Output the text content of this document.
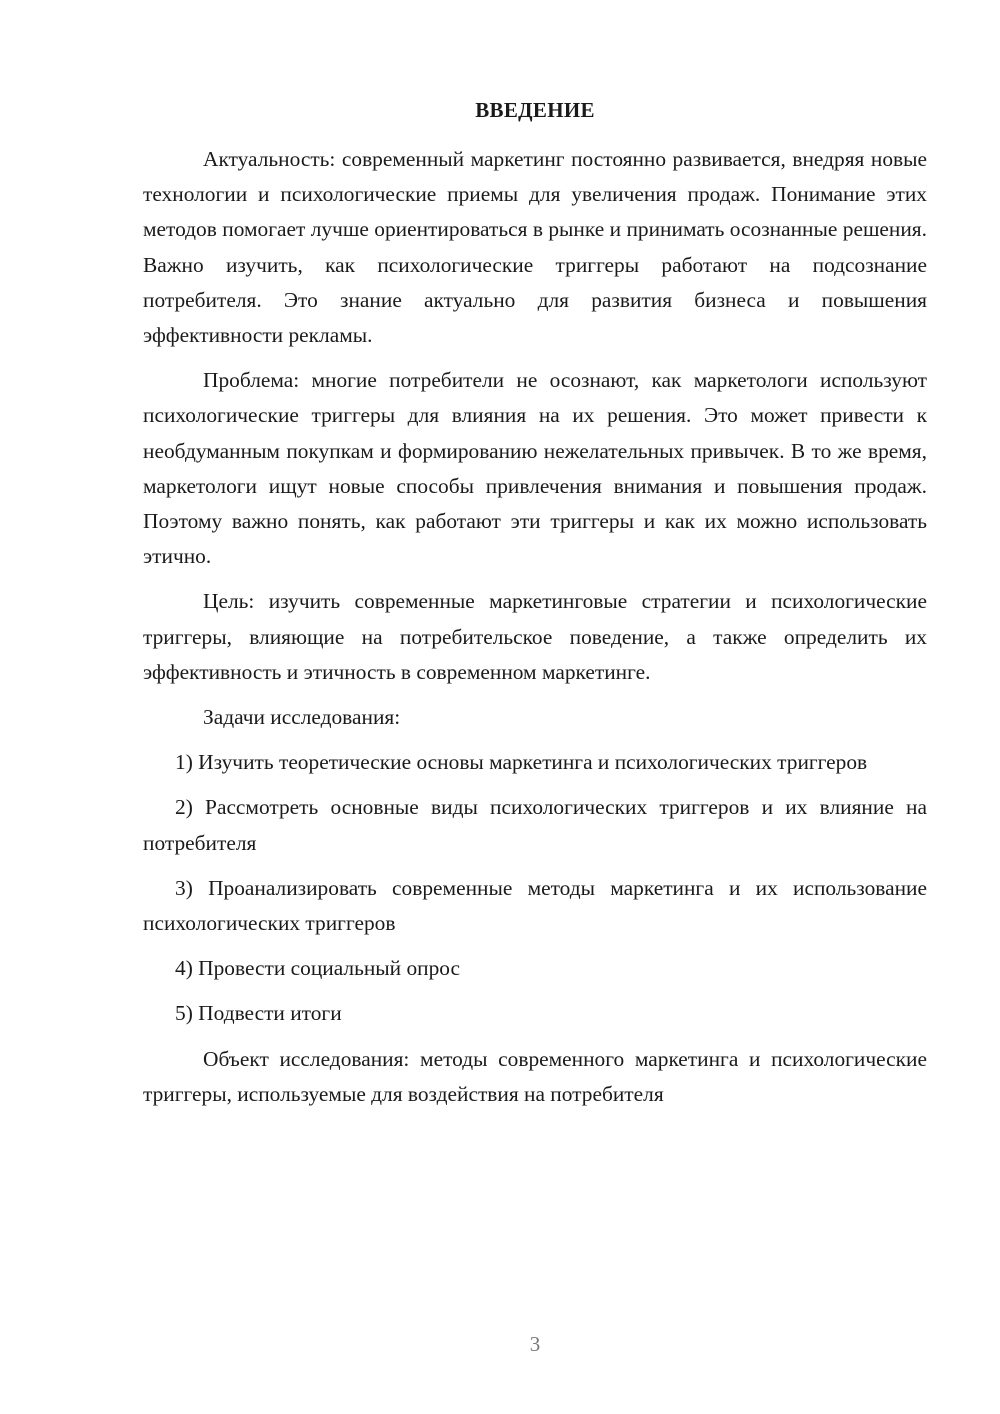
ВВЕДЕНИЕ

Актуальность: современный маркетинг постоянно развивается, внедряя новые технологии и психологические приемы для увеличения продаж. Понимание этих методов помогает лучше ориентироваться в рынке и принимать осознанные решения. Важно изучить, как психологические триггеры работают на подсознание потребителя. Это знание актуально для развития бизнеса и повышения эффективности рекламы.

Проблема: многие потребители не осознают, как маркетологи используют психологические триггеры для влияния на их решения. Это может привести к необдуманным покупкам и формированию нежелательных привычек. В то же время, маркетологи ищут новые способы привлечения внимания и повышения продаж. Поэтому важно понять, как работают эти триггеры и как их можно использовать этично.

Цель: изучить современные маркетинговые стратегии и психологические триггеры, влияющие на потребительское поведение, а также определить их эффективность и этичность в современном маркетинге.

Задачи исследования:

1) Изучить теоретические основы маркетинга и психологических триггеров

2) Рассмотреть основные виды психологических триггеров и их влияние на потребителя

3) Проанализировать современные методы маркетинга и их использование психологических триггеров

4) Провести социальный опрос

5) Подвести итоги

Объект исследования: методы современного маркетинга и психологические триггеры, используемые для воздействия на потребителя

3
